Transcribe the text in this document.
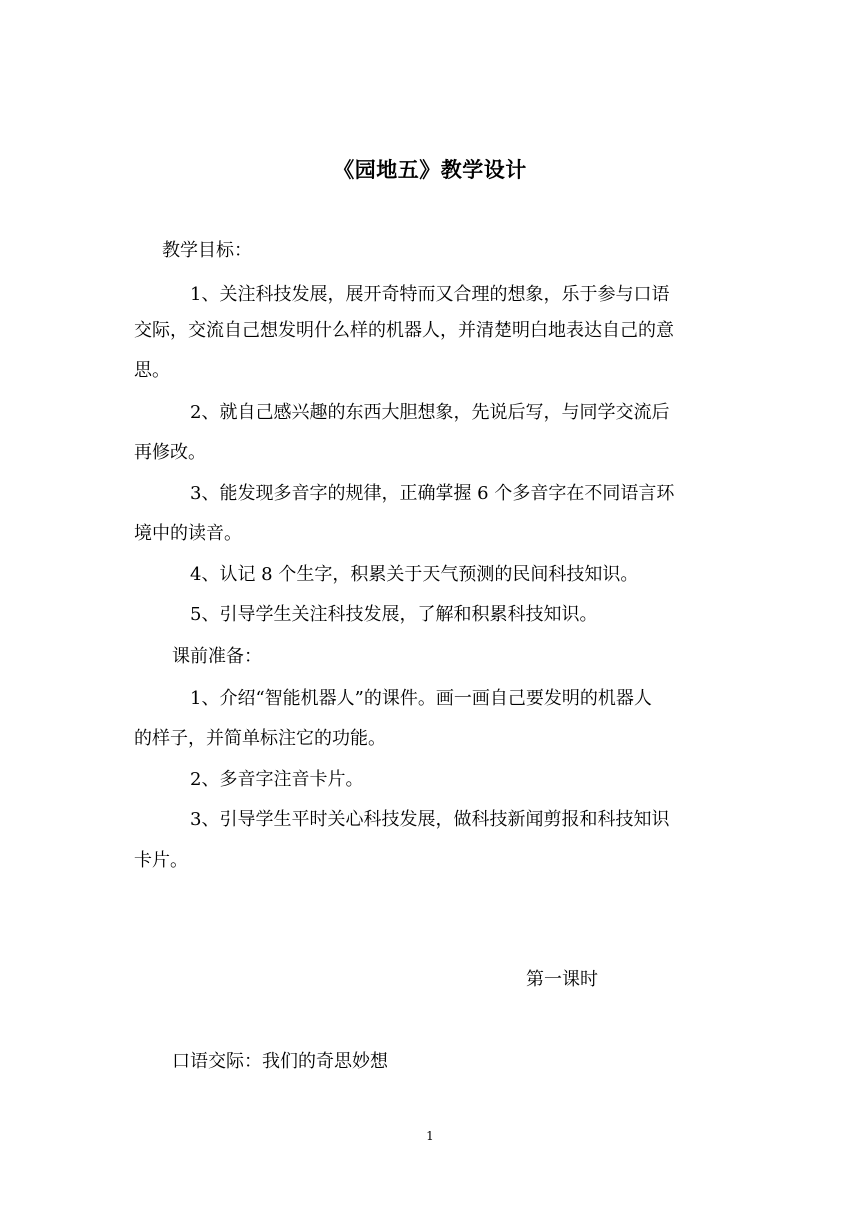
《园地五》教学设计
教学目标：
1、关注科技发展，展开奇特而又合理的想象，乐于参与口语
交际，交流自己想发明什么样的机器人，并清楚明白地表达自己的意
思。
2、就自己感兴趣的东西大胆想象，先说后写，与同学交流后
再修改。
3、能发现多音字的规律，正确掌握 6 个多音字在不同语言环
境中的读音。
4、认记 8 个生字，积累关于天气预测的民间科技知识。
5、引导学生关注科技发展，了解和积累科技知识。
课前准备：
1、介绍“智能机器人”的课件。画一画自己要发明的机器人
的样子，并简单标注它的功能。
2、多音字注音卡片。
3、引导学生平时关心科技发展，做科技新闻剪报和科技知识
卡片。
第一课时
口语交际：我们的奇思妙想
1
